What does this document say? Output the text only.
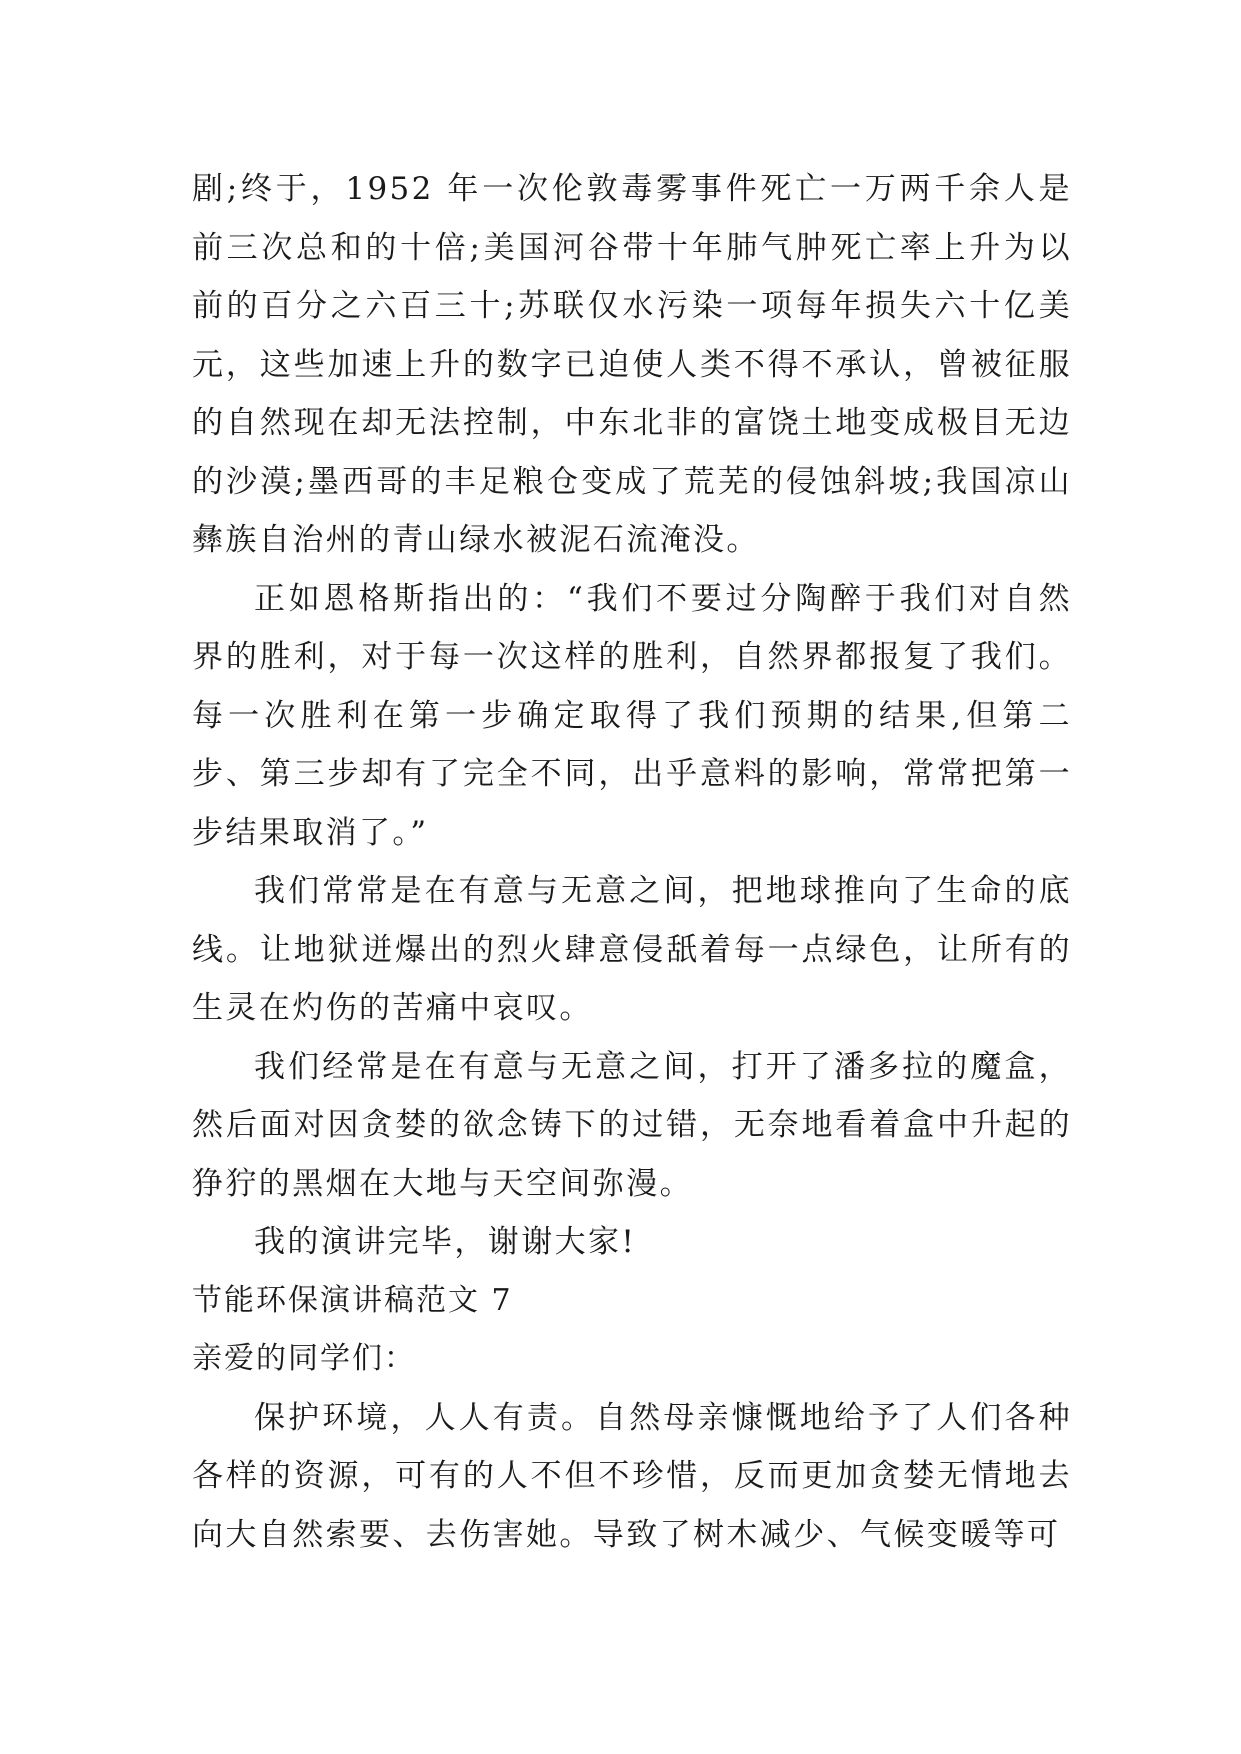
剧;终于，1952 年一次伦敦毒雾事件死亡一万两千余人是前三次总和的十倍;美国河谷带十年肺气肿死亡率上升为以前的百分之六百三十;苏联仅水污染一项每年损失六十亿美元，这些加速上升的数字已迫使人类不得不承认，曾被征服的自然现在却无法控制，中东北非的富饶土地变成极目无边的沙漠;墨西哥的丰足粮仓变成了荒芜的侵蚀斜坡;我国凉山彝族自治州的青山绿水被泥石流淹没。

正如恩格斯指出的：“我们不要过分陶醉于我们对自然界的胜利，对于每一次这样的胜利，自然界都报复了我们。每一次胜利在第一步确定取得了我们预期的结果,但第二步、第三步却有了完全不同，出乎意料的影响，常常把第一步结果取消了。”

我们常常是在有意与无意之间，把地球推向了生命的底线。让地狱迸爆出的烈火肆意侵舐着每一点绿色，让所有的生灵在灼伤的苦痛中哀叹。

我们经常是在有意与无意之间，打开了潘多拉的魔盒，然后面对因贪婪的欲念铸下的过错，无奈地看着盒中升起的狰狞的黑烟在大地与天空间弥漫。

我的演讲完毕，谢谢大家!

节能环保演讲稿范文 7

亲爱的同学们：

保护环境，人人有责。自然母亲慷慨地给予了人们各种各样的资源，可有的人不但不珍惜，反而更加贪婪无情地去向大自然索要、去伤害她。导致了树木减少、气候变暖等可
